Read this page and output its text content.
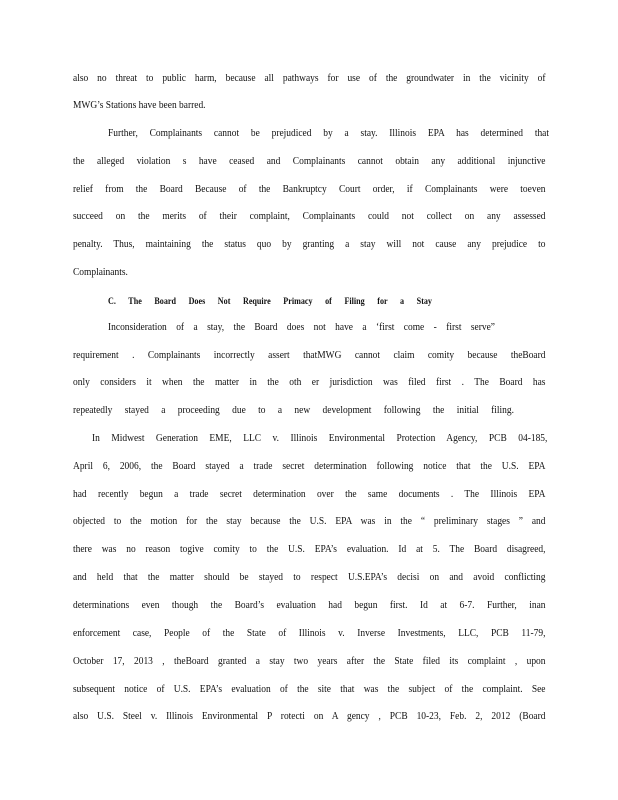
also no threat to public harm, because all pathways for use of the groundwater in the vicinity of
MWG’s Stations have been barred.
Further, Complainants cannot be prejudiced by a stay. Illinois EPA has determined that
the alleged violation s have ceased and Complainants cannot obtain any additional injunctive
relief from the Board Because of the Bankruptcy Court order, if Complainants were toeven
succeed on the merits of their complaint, Complainants could not collect on any assessed
penalty. Thus, maintaining the status quo by granting a stay will not cause any prejudice to
Complainants.
C. The Board Does Not Require Primacy of Filing for a Stay
Inconsideration of a stay, the Board does not have a ‘first come - first serve”
requirement . Complainants incorrectly assert thatMWG cannot claim comity because theBoard
only considers it when the matter in the oth er jurisdiction was filed first . The Board has
repeatedly stayed a proceeding due to a new development following the initial filing.
In Midwest Generation EME, LLC v. Illinois Environmental Protection Agency, PCB 04-185,
April 6, 2006, the Board stayed a trade secret determination following notice that the U.S. EPA
had recently begun a trade secret determination over the same documents . The Illinois EPA
objected to the motion for the stay because the U.S. EPA was in the “ preliminary stages ” and
there was no reason togive comity to the U.S. EPA’s evaluation. Id at 5. The Board disagreed,
and held that the matter should be stayed to respect U.S.EPA’s decisi on and avoid conflicting
determinations even though the Board’s evaluation had begun first. Id at 6-7. Further, inan
enforcement case, People of the State of Illinois v. Inverse Investments, LLC, PCB 11-79,
October 17, 2013 , theBoard granted a stay two years after the State filed its complaint , upon
subsequent notice of U.S. EPA’s evaluation of the site that was the subject of the complaint. See
also U.S. Steel v. Illinois Environmental P rotecti on A gency , PCB 10-23, Feb. 2, 2012 (Board
